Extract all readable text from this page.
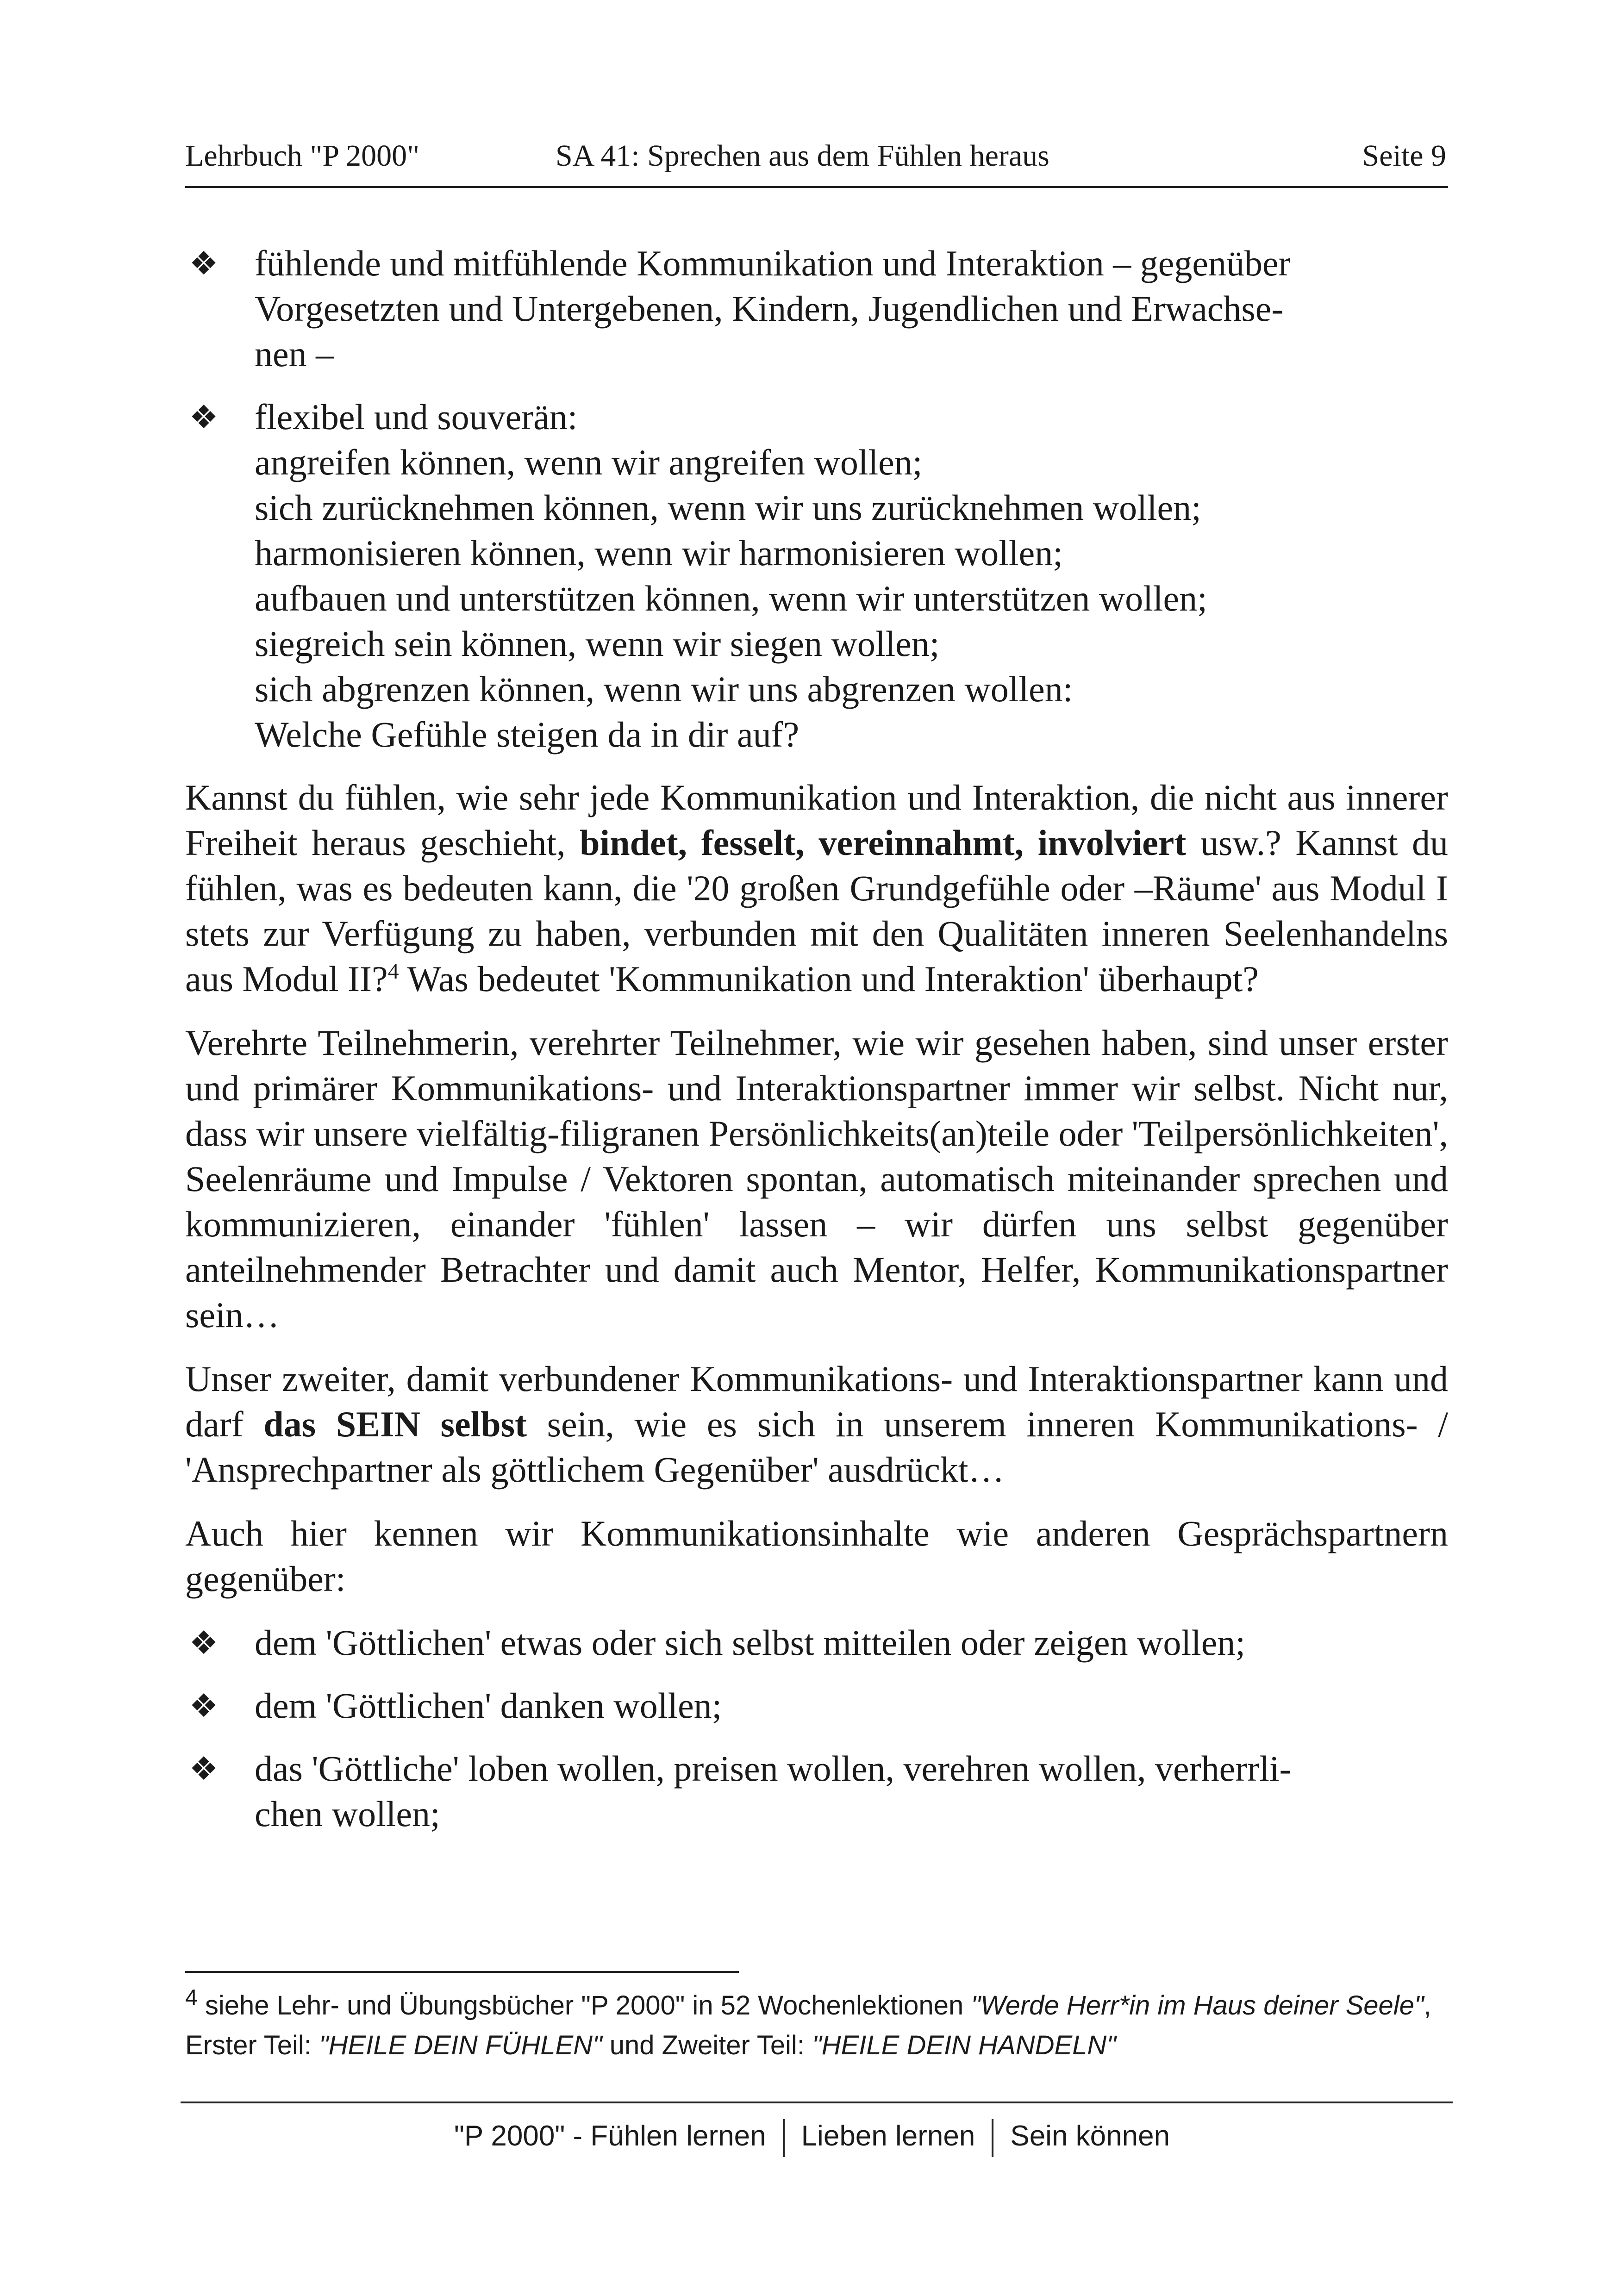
Lehrbuch "P 2000"	SA 41: Sprechen aus dem Fühlen heraus	Seite 9
❖ fühlende und mitfühlende Kommunikation und Interaktion – gegenüber
Vorgesetzten und Untergebenen, Kindern, Jugendlichen und Erwachse-
nen –
❖ flexibel und souverän:
angreifen können, wenn wir angreifen wollen;
sich zurücknehmen können, wenn wir uns zurücknehmen wollen;
harmonisieren können, wenn wir harmonisieren wollen;
aufbauen und unterstützen können, wenn wir unterstützen wollen;
siegreich sein können, wenn wir siegen wollen;
sich abgrenzen können, wenn wir uns abgrenzen wollen:
Welche Gefühle steigen da in dir auf?

Kannst du fühlen, wie sehr jede Kommunikation und Interaktion, die nicht aus innerer Freiheit heraus geschieht, bindet, fesselt, vereinnahmt, involviert usw.? Kannst du fühlen, was es bedeuten kann, die '20 großen Grundgefühle oder –Räume' aus Modul I stets zur Verfügung zu haben, verbunden mit den Qualitäten inneren Seelenhandelns aus Modul II?$^4$ Was bedeutet 'Kommunikation und Interaktion' überhaupt?

Verehrte Teilnehmerin, verehrter Teilnehmer, wie wir gesehen haben, sind unser erster und primärer Kommunikations- und Interaktionspartner immer wir selbst. Nicht nur, dass wir unsere vielfältig-filigranen Persönlichkeits(an)teile oder 'Teilpersönlichkeiten', Seelenräume und Impulse / Vektoren spontan, automatisch miteinander sprechen und kommunizieren, einander 'fühlen' lassen – wir dürfen uns selbst gegenüber anteilnehmender Betrachter und damit auch Mentor, Helfer, Kommunikationspartner sein…

Unser zweiter, damit verbundener Kommunikations- und Interaktionspartner kann und darf das SEIN selbst sein, wie es sich in unserem inneren Kommunikations- / 'Ansprechpartner als göttlichem Gegenüber' ausdrückt…

Auch hier kennen wir Kommunikationsinhalte wie anderen Gesprächspartnern gegenüber:

❖ dem 'Göttlichen' etwas oder sich selbst mitteilen oder zeigen wollen;
❖ dem 'Göttlichen' danken wollen;
❖ das 'Göttliche' loben wollen, preisen wollen, verehren wollen, verherrli-
chen wollen;
$^4$ siehe Lehr- und Übungsbücher "P 2000" in 52 Wochenlektionen "Werde Herr*in im Haus deiner Seele", Erster Teil: "HEILE DEIN FÜHLEN" und Zweiter Teil: "HEILE DEIN HANDELN"
"P 2000" - Fühlen lernen Lieben lernen Sein können
